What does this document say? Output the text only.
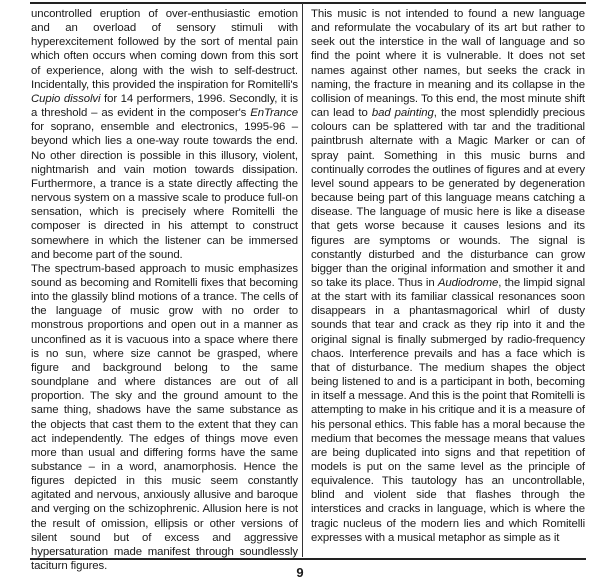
uncontrolled eruption of over-enthusiastic emotion and an overload of sensory stimuli with hyperexcitement followed by the sort of mental pain which often occurs when coming down from this sort of experience, along with the wish to self-destruct. Incidentally, this provided the inspiration for Romitelli's Cupio dissolvi for 14 performers, 1996. Secondly, it is a threshold – as evident in the composer's EnTrance for soprano, ensemble and electronics, 1995-96 – beyond which lies a one-way route towards the end. No other direction is possible in this illusory, violent, nightmarish and vain motion towards dissipation. Furthermore, a trance is a state directly affecting the nervous system on a massive scale to produce full-on sensation, which is precisely where Romitelli the composer is directed in his attempt to construct somewhere in which the listener can be immersed and become part of the sound.

The spectrum-based approach to music emphasizes sound as becoming and Romitelli fixes that becoming into the glassily blind motions of a trance. The cells of the language of music grow with no order to monstrous proportions and open out in a manner as unconfined as it is vacuous into a space where there is no sun, where size cannot be grasped, where figure and background belong to the same soundplane and where distances are out of all proportion. The sky and the ground amount to the same thing, shadows have the same substance as the objects that cast them to the extent that they can act independently. The edges of things move even more than usual and differing forms have the same substance – in a word, anamorphosis. Hence the figures depicted in this music seem constantly agitated and nervous, anxiously allusive and baroque and verging on the schizophrenic. Allusion here is not the result of omission, ellipsis or other versions of silent sound but of excess and aggressive hypersaturation made manifest through soundlessly taciturn figures.

This music is not intended to found a new language and reformulate the vocabulary of its art but rather to seek out the interstice in the wall of language and so find the point where it is vulnerable. It does not set names against other names, but seeks the crack in naming, the fracture in meaning and its collapse in the collision of meanings. To this end, the most minute shift can lead to bad painting, the most splendidly precious colours can be splattered with tar and the traditional paintbrush alternate with a Magic Marker or can of spray paint. Something in this music burns and continually corrodes the outlines of figures and at every level sound appears to be generated by degeneration because being part of this language means catching a disease. The language of music here is like a disease that gets worse because it causes lesions and its figures are symptoms or wounds. The signal is constantly disturbed and the disturbance can grow bigger than the original information and smother it and so take its place. Thus in Audiodrome, the limpid signal at the start with its familiar classical resonances soon disappears in a phantasmagorical whirl of dusty sounds that tear and crack as they rip into it and the original signal is finally submerged by radio-frequency chaos. Interference prevails and has a face which is that of disturbance. The medium shapes the object being listened to and is a participant in both, becoming in itself a message. And this is the point that Romitelli is attempting to make in his critique and it is a measure of his personal ethics. This fable has a moral because the medium that becomes the message means that values are being duplicated into signs and that repetition of models is put on the same level as the principle of equivalence. This tautology has an uncontrollable, blind and violent side that flashes through the interstices and cracks in language, which is where the tragic nucleus of the modern lies and which Romitelli expresses with a musical metaphor as simple as it

9
